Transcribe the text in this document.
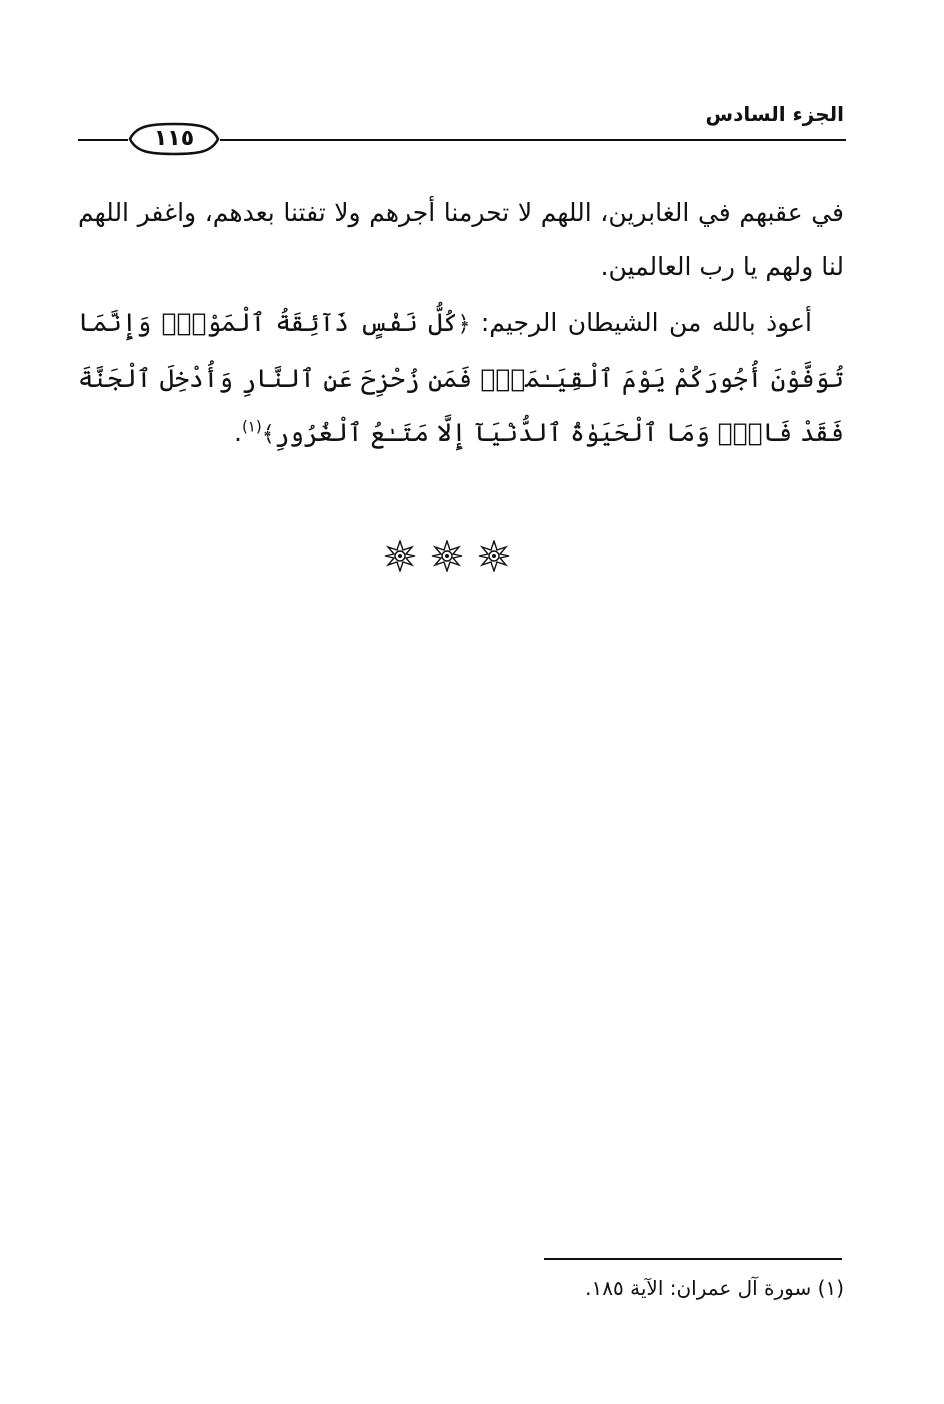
الجزء السادس
١١٥

في عقبهم في الغابرين، اللهم لا تحرمنا أجرهم ولا تفتنا بعدهم، واغفر اللهم لنا ولهم يا رب العالمين.

أعوذ بالله من الشيطان الرجيم: ﴿كُلُّ نَفْسٍ ذَآئِقَةُ ٱلْمَوْتِۗ وَإِنَّمَا تُوَفَّوْنَ أُجُورَكُمْ يَوْمَ ٱلْقِيَـٰمَةِۖ فَمَن زُحْزِحَ عَنِ ٱلنَّارِ وَأُدْخِلَ ٱلْجَنَّةَ فَقَدْ فَازَۗ وَمَا ٱلْحَيَوٰةُ ٱلدُّنْيَآ إِلَّا مَتَـٰعُ ٱلْغُرُورِ﴾$^{(١)}$.

(١) سورة آل عمران: الآية ١٨٥.
